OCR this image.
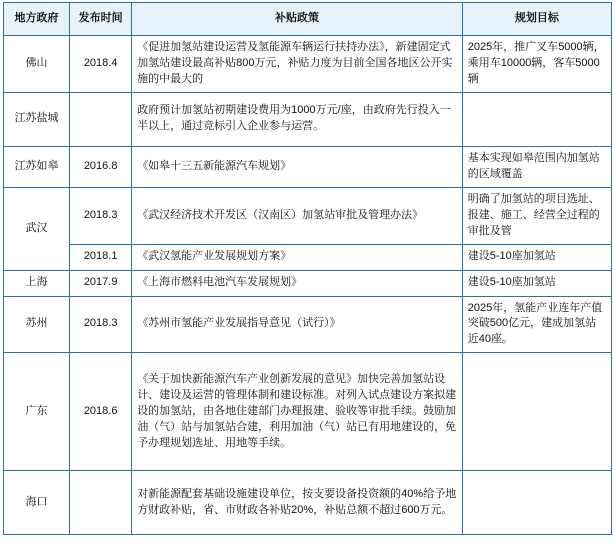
地方政府	发布时间	补贴政策	规划目标
佛山	2018.4	《促进加氢站建设运营及氢能源车辆运行扶持办法》，新建固定式加氢站建设最高补贴800万元，补贴力度为目前全国各地区公开实施的中最大的	2025年，推广叉车5000辆，乘用车10000辆，客车5000辆
江苏盐城		政府预计加氢站初期建设费用为1000万元/座，由政府先行投入一半以上，通过竞标引入企业参与运营。	
江苏如皋	2016.8	《如皋十三五新能源汽车规划》	基本实现如皋范围内加氢站的区域覆盖
武汉	2018.3	《武汉经济技术开发区（汉南区）加氢站审批及管理办法》	明确了加氢站的项目选址、报建、施工、经营全过程的审批及管
	2018.1	《武汉氢能产业发展规划方案》	建设5-10座加氢站
上海	2017.9	《上海市燃料电池汽车发展规划》	建设5-10座加氢站
苏州	2018.3	《苏州市氢能产业发展指导意见（试行）》	2025年，氢能产业连年产值突破500亿元，建成加氢站近40座。
广东	2018.6	《关于加快新能源汽车产业创新发展的意见》加快完善加氢站设计、建设及运营的管理体制和建设标准。对列入试点建设方案拟建设的加氢站，由各地住建部门办理报建、验收等审批手续。鼓励加油（气）站与加氢站合建，利用加油（气）站已有用地建设的，免予办理规划选址、用地等手续。	
海口		对新能源配套基础设施建设单位，按支要设备投资额的40%给予地方财政补贴，省、市财政各补贴20%，补贴总额不超过600万元。	
